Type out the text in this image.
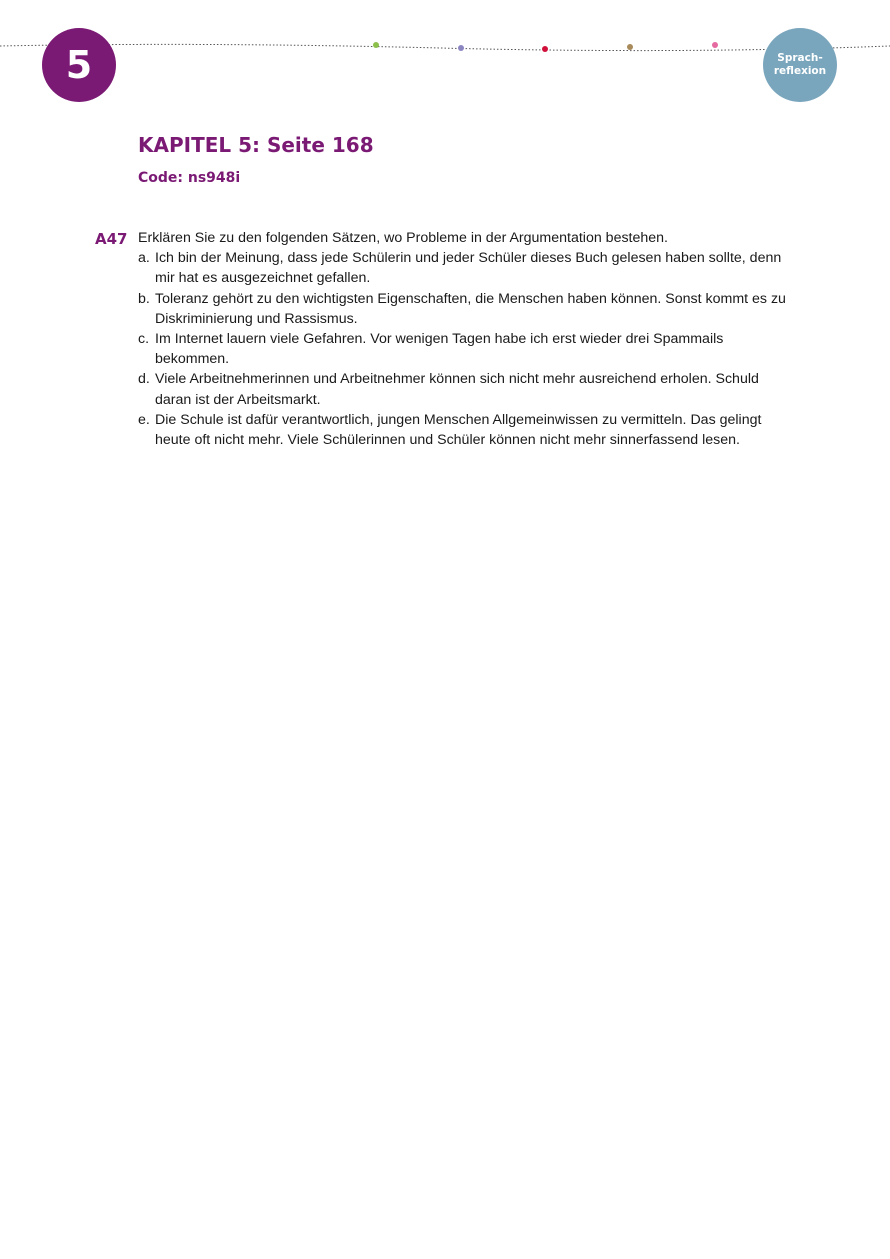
5	Sprach-
reflexion
KAPITEL 5: Seite 168
Code: ns948i
A47 Erklären Sie zu den folgenden Sätzen, wo Probleme in der Argumentation bestehen.

a. Ich bin der Meinung, dass jede Schülerin und jeder Schüler dieses Buch gelesen haben sollte, denn mir hat es ausgezeichnet gefallen.
b. Toleranz gehört zu den wichtigsten Eigenschaften, die Menschen haben können. Sonst kommt es zu Diskriminierung und Rassismus.
c. Im Internet lauern viele Gefahren. Vor wenigen Tagen habe ich erst wieder drei Spammails bekommen.
d. Viele Arbeitnehmerinnen und Arbeitnehmer können sich nicht mehr ausreichend erholen. Schuld daran ist der Arbeitsmarkt.
e. Die Schule ist dafür verantwortlich, jungen Menschen Allgemeinwissen zu vermitteln. Das gelingt heute oft nicht mehr. Viele Schülerinnen und Schüler können nicht mehr sinnerfassend lesen.
